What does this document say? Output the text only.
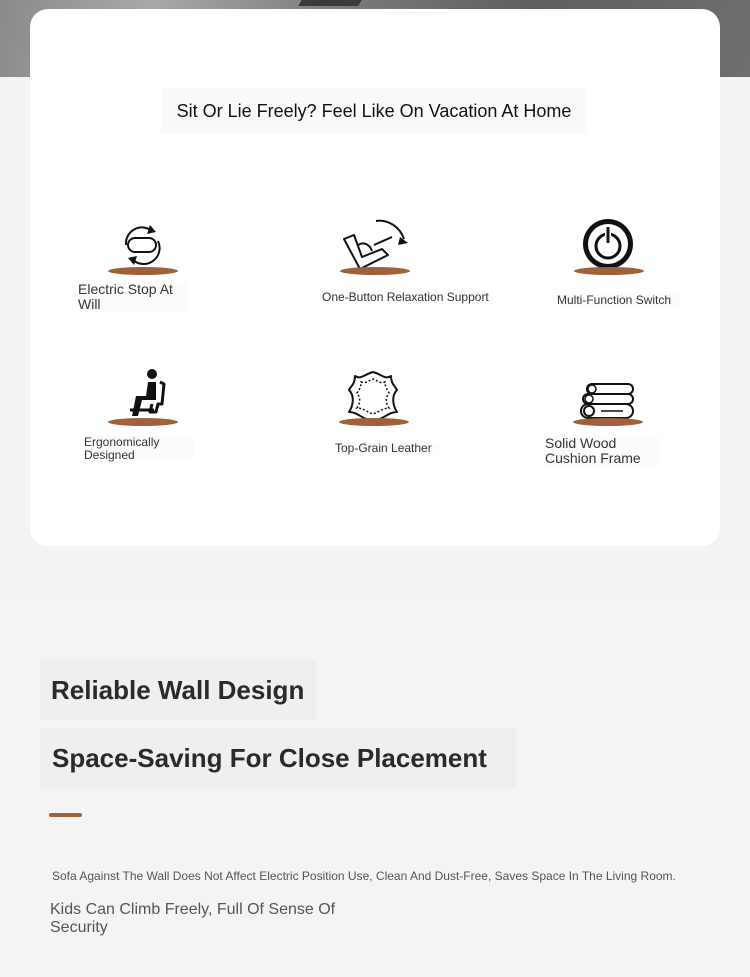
Sit Or Lie Freely? Feel Like On Vacation At Home
Electric Stop At Will	One-Button Relaxation Support	Multi-Function Switch
Ergonomically Designed
Top-Grain Leather	Solid Wood Cushion Frame
Reliable Wall Design
Space-Saving For Close Placement
Sofa Against The Wall Does Not Affect Electric Position Use, Clean And Dust-Free, Saves Space In The Living Room.
Kids Can Climb Freely, Full Of Sense Of Security
